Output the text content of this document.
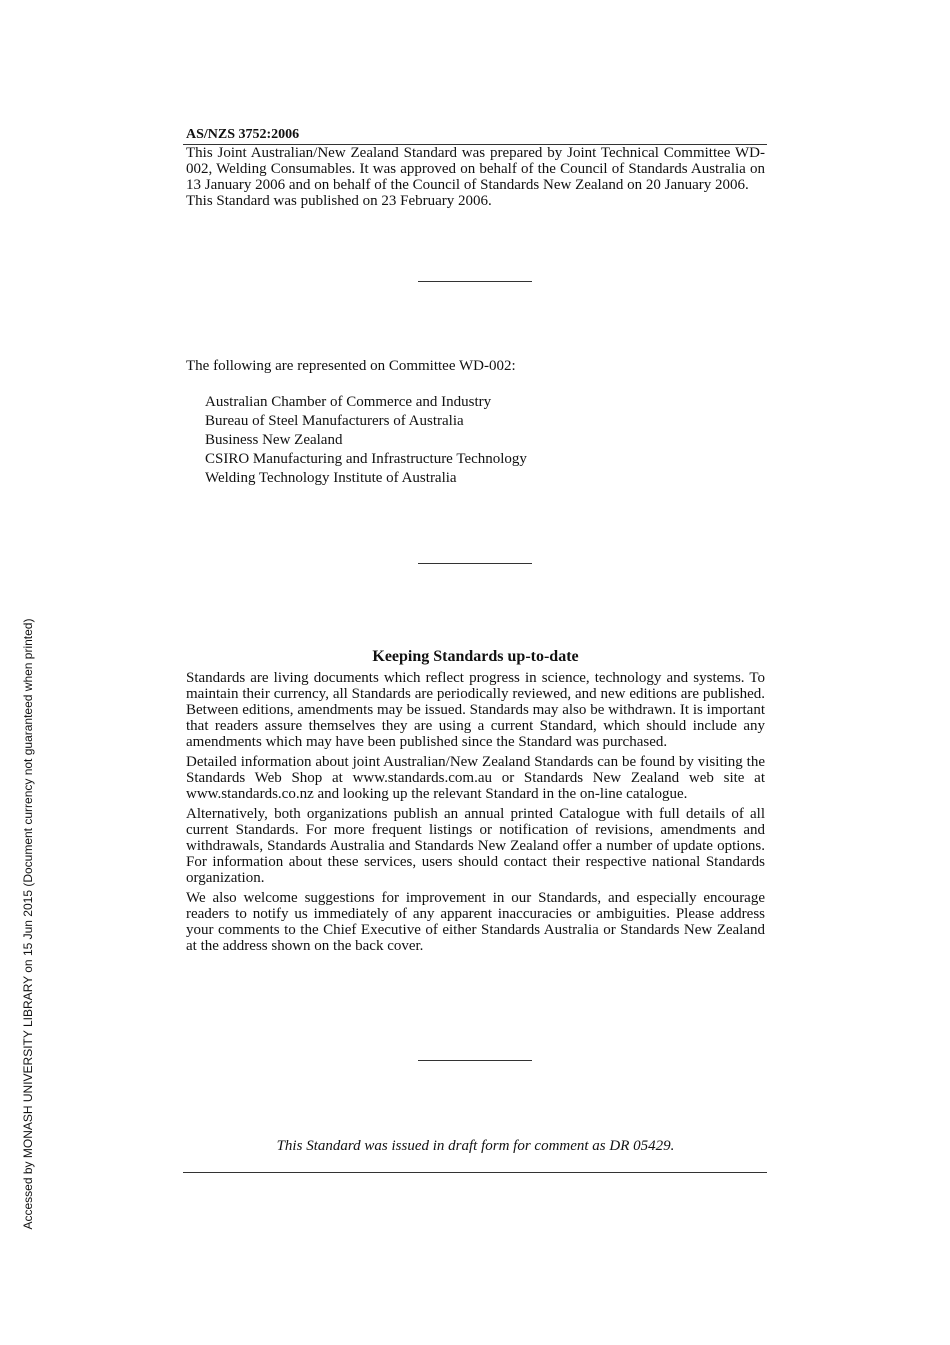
AS/NZS 3752:2006

This Joint Australian/New Zealand Standard was prepared by Joint Technical Committee WD-002, Welding Consumables. It was approved on behalf of the Council of Standards Australia on 13 January 2006 and on behalf of the Council of Standards New Zealand on 20 January 2006.

This Standard was published on 23 February 2006.

The following are represented on Committee WD-002:
Australian Chamber of Commerce and Industry
Bureau of Steel Manufacturers of Australia
Business New Zealand
CSIRO Manufacturing and Infrastructure Technology
Welding Technology Institute of Australia
Keeping Standards up-to-date

Standards are living documents which reflect progress in science, technology and systems. To maintain their currency, all Standards are periodically reviewed, and new editions are published. Between editions, amendments may be issued. Standards may also be withdrawn. It is important that readers assure themselves they are using a current Standard, which should include any amendments which may have been published since the Standard was purchased.

Detailed information about joint Australian/New Zealand Standards can be found by visiting the Standards Web Shop at www.standards.com.au or Standards New Zealand web site at www.standards.co.nz and looking up the relevant Standard in the on-line catalogue.

Alternatively, both organizations publish an annual printed Catalogue with full details of all current Standards. For more frequent listings or notification of revisions, amendments and withdrawals, Standards Australia and Standards New Zealand offer a number of update options. For information about these services, users should contact their respective national Standards organization.

We also welcome suggestions for improvement in our Standards, and especially encourage readers to notify us immediately of any apparent inaccuracies or ambiguities. Please address your comments to the Chief Executive of either Standards Australia or Standards New Zealand at the address shown on the back cover.

This Standard was issued in draft form for comment as DR 05429.
Accessed by MONASH UNIVERSITY LIBRARY on 15 Jun 2015 (Document currency not guaranteed when printed)
